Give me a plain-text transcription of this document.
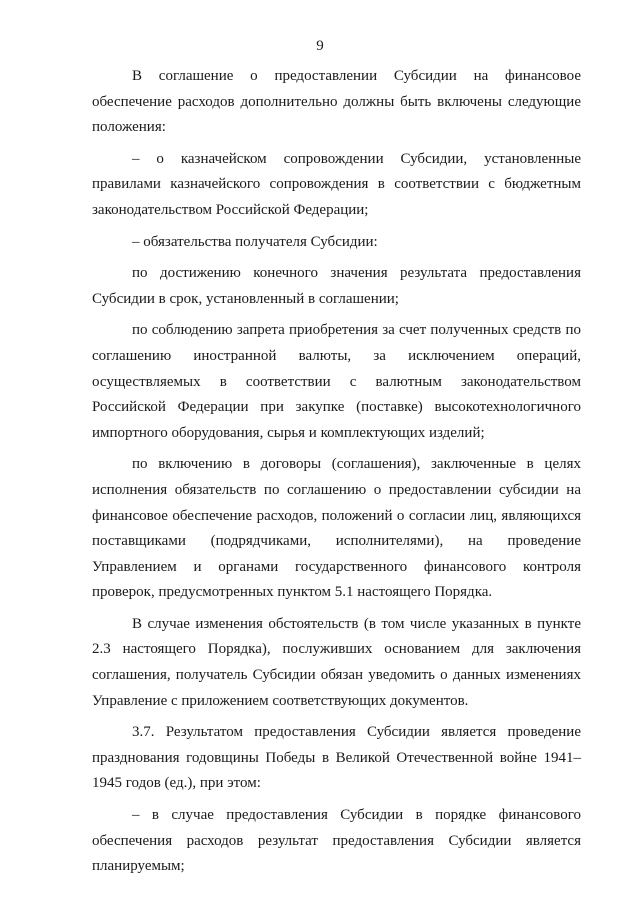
9

В соглашение о предоставлении Субсидии на финансовое обеспечение расходов дополнительно должны быть включены следующие положения:

– о казначейском сопровождении Субсидии, установленные правилами казначейского сопровождения в соответствии с бюджетным законодательством Российской Федерации;

– обязательства получателя Субсидии:

по достижению конечного значения результата предоставления Субсидии в срок, установленный в соглашении;

по соблюдению запрета приобретения за счет полученных средств по соглашению иностранной валюты, за исключением операций, осуществляемых в соответствии с валютным законодательством Российской Федерации при закупке (поставке) высокотехнологичного импортного оборудования, сырья и комплектующих изделий;

по включению в договоры (соглашения), заключенные в целях исполнения обязательств по соглашению о предоставлении субсидии на финансовое обеспечение расходов, положений о согласии лиц, являющихся поставщиками (подрядчиками, исполнителями), на проведение Управлением и органами государственного финансового контроля проверок, предусмотренных пунктом 5.1 настоящего Порядка.

В случае изменения обстоятельств (в том числе указанных в пункте 2.3 настоящего Порядка), послуживших основанием для заключения соглашения, получатель Субсидии обязан уведомить о данных изменениях Управление с приложением соответствующих документов.

3.7. Результатом предоставления Субсидии является проведение празднования годовщины Победы в Великой Отечественной войне 1941–1945 годов (ед.), при этом:

– в случае предоставления Субсидии в порядке финансового обеспечения расходов результат предоставления Субсидии является планируемым;
